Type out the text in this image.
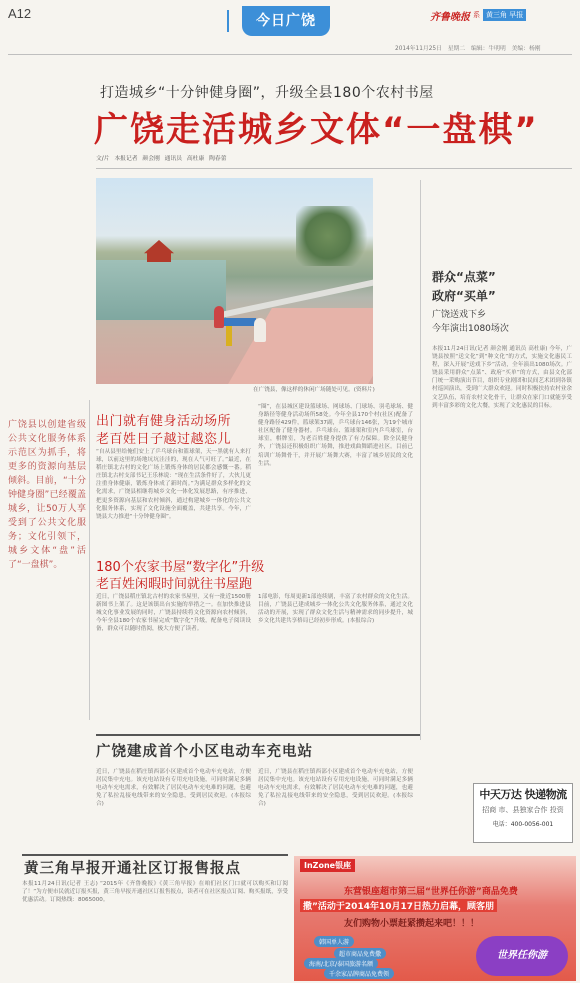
A12	今日广饶	齐鲁晚报 系 黄三角 早报
2014年11月25日 星期二 编辑：牛明明 美编：杨刚
打造城乡“十分钟健身圈”，升级全县180个农村书屋
广饶走活城乡文体“一盘棋”
文/片 本报记者 颜会刚 通讯员 高杜康 陶春蕾
在广饶县，像这样的休闲广场随处可见。(资料片)
广饶县以创建省级公共文化服务体系示范区为抓手，将更多的资源向基层倾斜。目前，“十分钟健身圈”已经覆盖城乡，让50万人享受到了公共文化服务；文化引领下，城乡文体“盘”活了“一盘棋”。
出门就有健身活动场所
老百姓日子越过越恣儿
“自从县里给俺们安上了乒乓球台和篮球架，天一黑就有人来打球，以前这里的场地坑坑洼洼的，现在人气可旺了。”最近，在稻庄镇北古村的文化广场上锻炼身体的居民都会感慨一番。稻庄镇北古村支部书记王乐林说：“现在生活条件好了，大伙儿更注重身体健康，锻炼身体成了新时尚。”为满足群众多样化的文化需求，广饶县相继将城乡文化一体化发展思路，有序推进，把更多资源向基层和农村倾斜，通过构建城乡一体化的公共文化服务体系，实现了文化设施全面覆盖，共建共享。今年，广饶县大力推进“十分钟健身圈”。
“圈”，在县城区建设篮球场、网球场、门球场、羽毛球场、健身路径等健身活动场所58处。今年全县170个村(社区)配备了健身路径429件，篮球架37副，乒乓球台146张，为19个城市社区配备了健身器材。乒乓球台、篮球架和室内乒乓球室，台球室，棋牌室，为老百姓健身提供了有力保障。除全民健身外，广饶县还积极组织广场舞，推进戏曲舞蹈进社区。目前已培训广场舞骨干，并开展广场舞大赛，丰富了城乡居民的文化生活。
180个农家书屋“数字化”升级
老百姓闲暇时间就往书屋跑
近日，广饶县稻庄镇北古村的农家书屋里，又有一批近1500册新图书上架了。这是该镇出台实施的举措之一。在加快推进县城文化事业发展的同时，广饶县持续将文化资源向农村倾斜，今年全县180个农家书屋完成“数字化”升级，配备电子阅读设备，群众可以随时借阅，极大方便了读者。
1部电影，每周更新1部连续剧，丰富了农村群众的文化生活。目前，广饶县已建成城乡一体化公共文化服务体系，通过文化活动的开展，实现了群众文化生活与精神需求的同步提升，城乡文化共建共享格局已经初步形成。(本报综合)
群众“点菜”
政府“买单”
广饶送戏下乡
今年演出1080场次
本报11月24日讯(记者 颜会刚 通讯员 高杜康) 今年，广饶县按照“送文化”到“种文化”的方式，实施文化惠民工程，深入开展“送戏下乡”活动，全年演出1080场次。广饶县采用群众“点菜”、政府“买单”的方式，由县文化部门统一采购演出节目，组织专业剧团和民间艺术团到各镇村巡回演出，受到广大群众欢迎。同时积极扶持农村业余文艺队伍，培育农村文化骨干，让群众在家门口就能享受到丰富多彩的文化大餐，实现了文化惠民的目标。
中天万达 快递物流
招商 市、县独家合作 投资
电话：400-0056-001
广饶建成首个小区电动车充电站
近日，广饶县在稻庄镇西部小区建成首个电动车充电站，方便居民集中充电。该充电站设有专用充电设施，可同时满足多辆电动车充电需求，有效解决了居民电动车充电难的问题，也避免了私拉乱接电线带来的安全隐患，受到居民欢迎。(本报综合)
近日，广饶县在稻庄镇西部小区建成首个电动车充电站，方便居民集中充电。该充电站设有专用充电设施，可同时满足多辆电动车充电需求，有效解决了居民电动车充电难的问题，也避免了私拉乱接电线带来的安全隐患，受到居民欢迎。(本报综合)
黄三角早报开通社区订报售报点
本报11月24日讯(记者 王志) “2015年《齐鲁晚报》《黄三角早报》在咱们社区门口就可以购买和订阅了！”为方便市民就近订报买报，黄三角早报开通社区订报售报点，读者可在社区报点订阅、购买报纸，享受优惠活动。订阅热线：8065000。
InZone银座
东营银座超市第三届“世界任你游”商品免费
撒”活动于2014年10月17日热力启幕，顾客朋
友们购物小票赶紧攒起来吧！！！
韩国单人游
超市商品免费撒
海南/北京/泰国旅游名额
千余家品牌商品免费领
世界任你游
